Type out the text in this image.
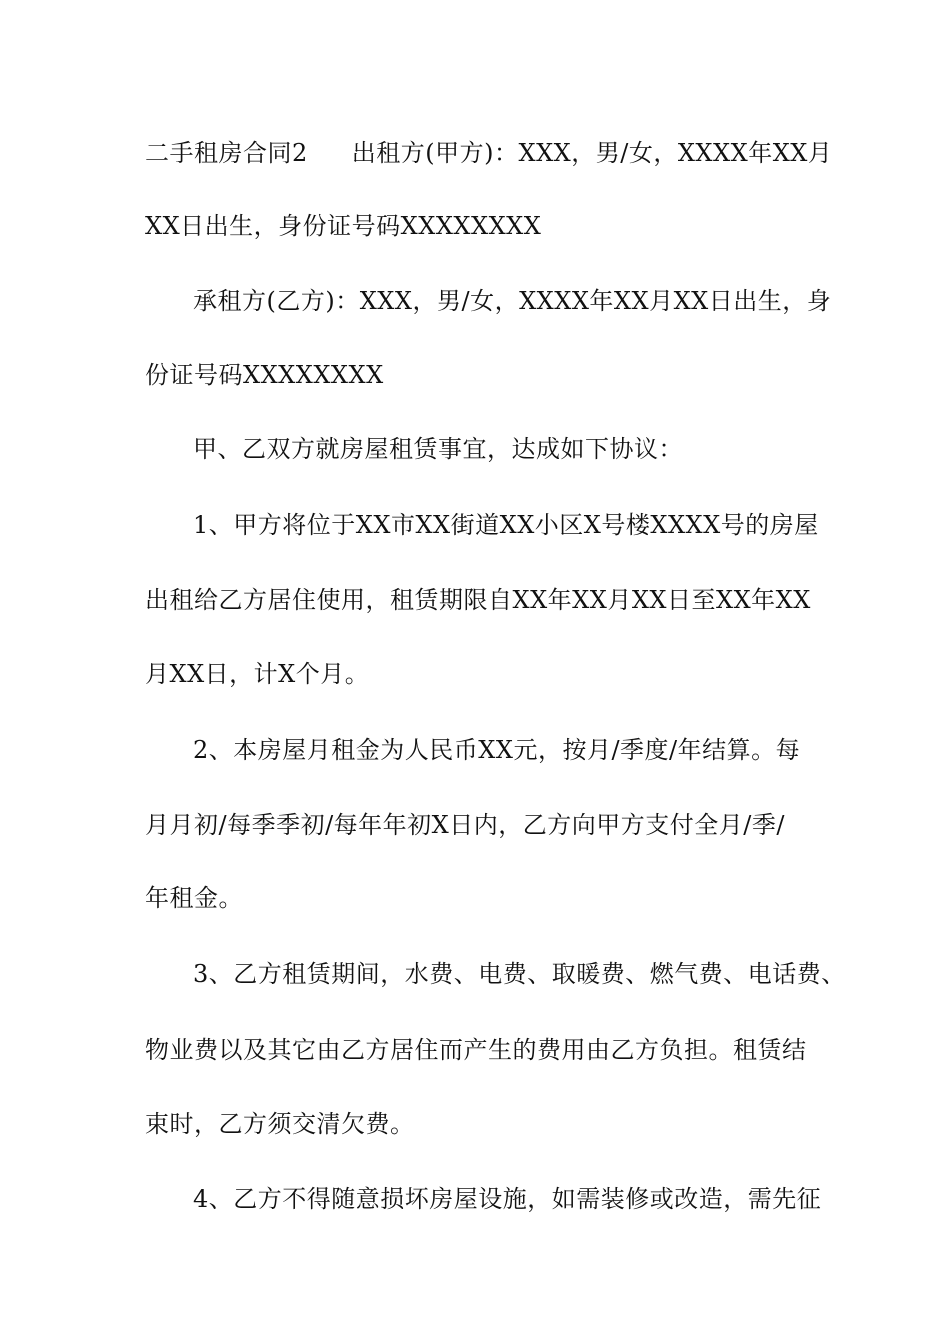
二手租房合同2 出租方(甲方)：XXX，男/女，XXXX年XX月
XX日出生，身份证号码XXXXXXXX
承租方(乙方)：XXX，男/女，XXXX年XX月XX日出生，身
份证号码XXXXXXXX
甲、乙双方就房屋租赁事宜，达成如下协议：
1、甲方将位于XX市XX街道XX小区X号楼XXXX号的房屋
出租给乙方居住使用，租赁期限自XX年XX月XX日至XX年XX
月XX日，计X个月。
2、本房屋月租金为人民币XX元，按月/季度/年结算。每
月月初/每季季初/每年年初X日内，乙方向甲方支付全月/季/
年租金。
3、乙方租赁期间，水费、电费、取暖费、燃气费、电话费、
物业费以及其它由乙方居住而产生的费用由乙方负担。租赁结
束时，乙方须交清欠费。
4、乙方不得随意损坏房屋设施，如需装修或改造，需先征
